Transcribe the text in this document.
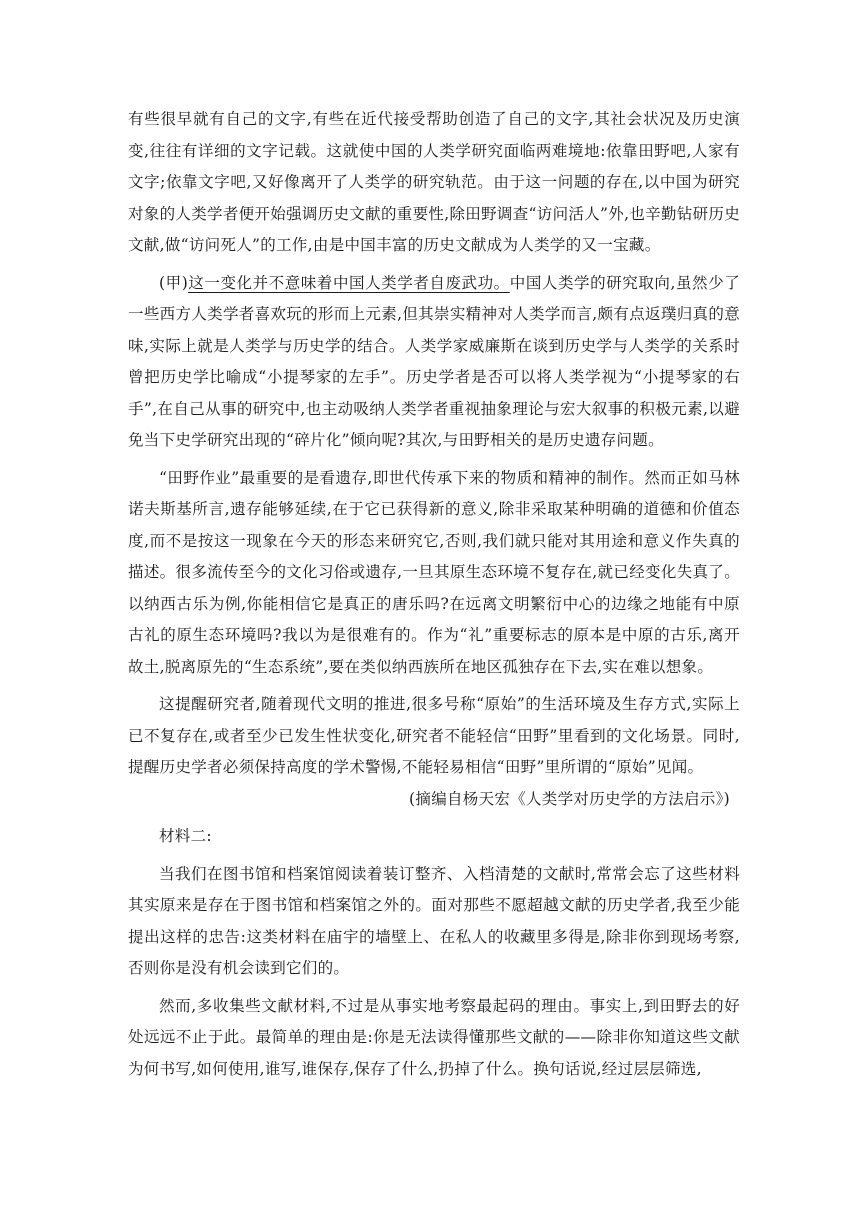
有些很早就有自己的文字,有些在近代接受帮助创造了自己的文字,其社会状况及历史演变,往往有详细的文字记载。这就使中国的人类学研究面临两难境地:依靠田野吧,人家有文字;依靠文字吧,又好像离开了人类学的研究轨范。由于这一问题的存在,以中国为研究对象的人类学者便开始强调历史文献的重要性,除田野调查“访问活人”外,也辛勤钻研历史文献,做“访问死人”的工作,由是中国丰富的历史文献成为人类学的又一宝藏。

(甲)这一变化并不意味着中国人类学者自废武功。中国人类学的研究取向,虽然少了一些西方人类学者喜欢玩的形而上元素,但其崇实精神对人类学而言,颇有点返璞归真的意味,实际上就是人类学与历史学的结合。人类学家威廉斯在谈到历史学与人类学的关系时曾把历史学比喻成“小提琴家的左手”。历史学者是否可以将人类学视为“小提琴家的右手”,在自己从事的研究中,也主动吸纳人类学者重视抽象理论与宏大叙事的积极元素,以避免当下史学研究出现的“碎片化”倾向呢?其次,与田野相关的是历史遗存问题。

“田野作业”最重要的是看遗存,即世代传承下来的物质和精神的制作。然而正如马林诺夫斯基所言,遗存能够延续,在于它已获得新的意义,除非采取某种明确的道德和价值态度,而不是按这一现象在今天的形态来研究它,否则,我们就只能对其用途和意义作失真的描述。很多流传至今的文化习俗或遗存,一旦其原生态环境不复存在,就已经变化失真了。以纳西古乐为例,你能相信它是真正的唐乐吗?在远离文明繁衍中心的边缘之地能有中原古礼的原生态环境吗?我以为是很难有的。作为“礼”重要标志的原本是中原的古乐,离开故土,脱离原先的“生态系统”,要在类似纳西族所在地区孤独存在下去,实在难以想象。

这提醒研究者,随着现代文明的推进,很多号称“原始”的生活环境及生存方式,实际上已不复存在,或者至少已发生性状变化,研究者不能轻信“田野”里看到的文化场景。同时,提醒历史学者必须保持高度的学术警惕,不能轻易相信“田野”里所谓的“原始”见闻。

(摘编自杨天宏《人类学对历史学的方法启示》)

材料二:

当我们在图书馆和档案馆阅读着装订整齐、入档清楚的文献时,常常会忘了这些材料其实原来是存在于图书馆和档案馆之外的。面对那些不愿超越文献的历史学者,我至少能提出这样的忠告:这类材料在庙宇的墙壁上、在私人的收藏里多得是,除非你到现场考察,否则你是没有机会读到它们的。

然而,多收集些文献材料,不过是从事实地考察最起码的理由。事实上,到田野去的好处远远不止于此。最简单的理由是:你是无法读得懂那些文献的——除非你知道这些文献为何书写,如何使用,谁写,谁保存,保存了什么,扔掉了什么。换句话说,经过层层筛选,
